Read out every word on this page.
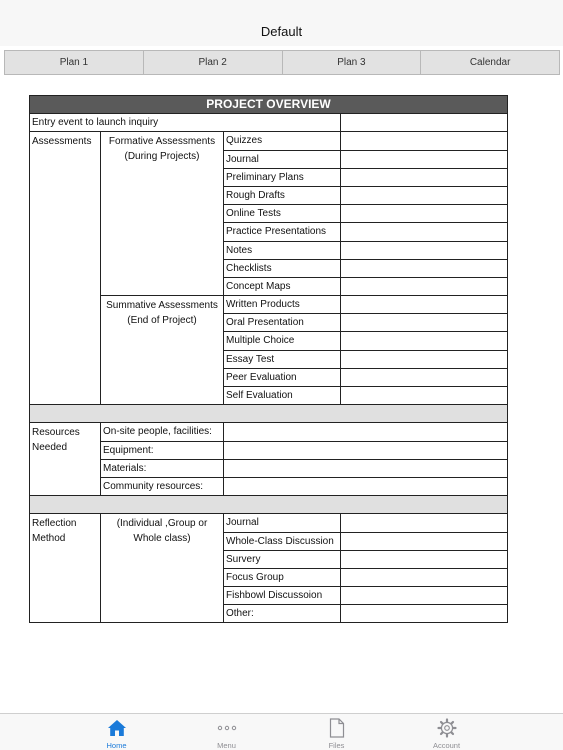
Default
Plan 1	Plan 2	Plan 3	Calendar
PROJECT OVERVIEW			
Entry event to launch inquiry			
Assessments	Formative Assessments (During Projects)	Quizzes	
		Journal	
		Preliminary Plans	
		Rough Drafts	
		Online Tests	
		Practice Presentations	
		Notes	
		Checklists	
		Concept Maps	
	Summative Assessments (End of Project)	Written Products	
		Oral Presentation	
		Multiple Choice	
		Essay Test	
		Peer Evaluation	
		Self Evaluation	

Resources Needed	On-site people, facilities:		
	Equipment:		
	Materials:		
	Community resources:		

Reflection Method	(Individual ,Group or Whole class)	Journal	
		Whole-Class Discussion	
		Survery	
		Focus Group	
		Fishbowl Discussoion	
		Other:	
Home	Menu	Files	Account
